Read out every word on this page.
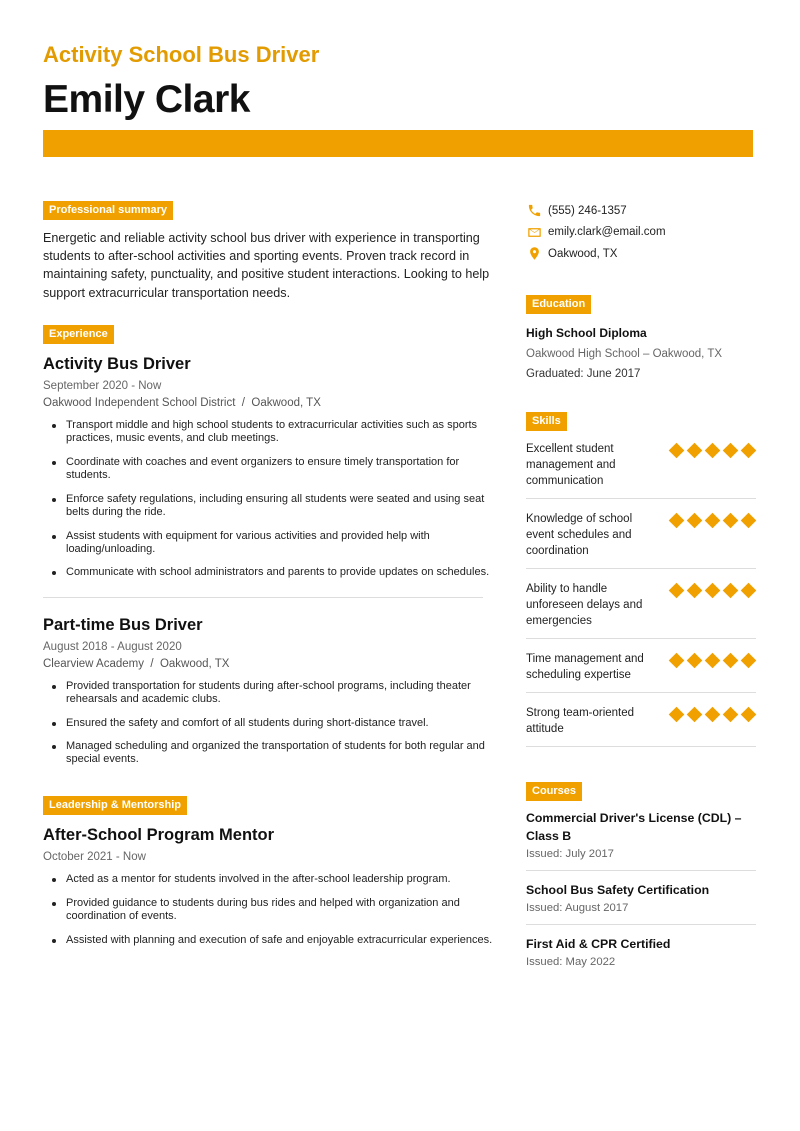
Activity School Bus Driver
Emily Clark
Professional summary

Energetic and reliable activity school bus driver with experience in transporting students to after-school activities and sporting events. Proven track record in maintaining safety, punctuality, and positive student interactions. Looking to help support extracurricular transportation needs.

Experience
Activity Bus Driver
September 2020 - Now
Oakwood Independent School District  /  Oakwood, TX
Transport middle and high school students to extracurricular activities such as sports practices, music events, and club meetings.
Coordinate with coaches and event organizers to ensure timely transportation for students.
Enforce safety regulations, including ensuring all students were seated and using seat belts during the ride.
Assist students with equipment for various activities and provided help with loading/unloading.
Communicate with school administrators and parents to provide updates on schedules.
Part-time Bus Driver
August 2018 - August 2020
Clearview Academy  /  Oakwood, TX
Provided transportation for students during after-school programs, including theater rehearsals and academic clubs.
Ensured the safety and comfort of all students during short-distance travel.
Managed scheduling and organized the transportation of students for both regular and special events.
Leadership & Mentorship
After-School Program Mentor
October 2021 - Now
Acted as a mentor for students involved in the after-school leadership program.
Provided guidance to students during bus rides and helped with organization and coordination of events.
Assisted with planning and execution of safe and enjoyable extracurricular experiences.
(555) 246-1357
emily.clark@email.com
Oakwood, TX
Education
High School Diploma
Oakwood High School – Oakwood, TX
Graduated: June 2017
Skills
Excellent student management and communication
Knowledge of school event schedules and coordination
Ability to handle unforeseen delays and emergencies
Time management and scheduling expertise
Strong team-oriented attitude
Courses
Commercial Driver's License (CDL) – Class B
Issued: July 2017
School Bus Safety Certification
Issued: August 2017
First Aid & CPR Certified
Issued: May 2022
